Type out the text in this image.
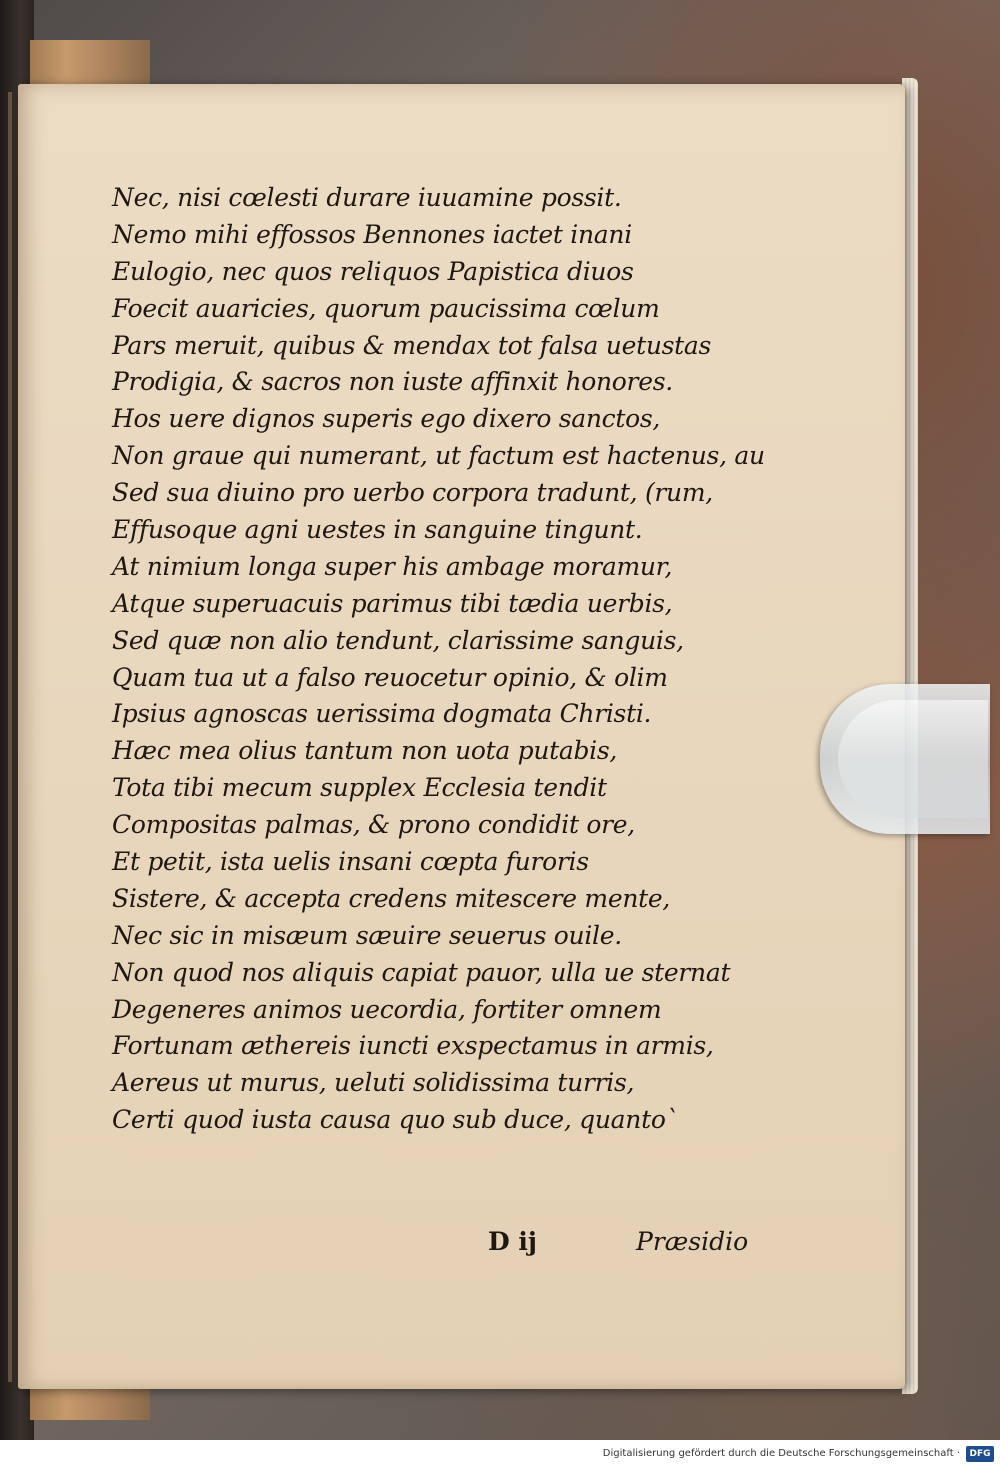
Nec, nisi cœlesti durare iuuamine possit.
Nemo mihi effossos Bennones iactet inani
Eulogio, nec quos reliquos Papistica diuos
Foecit auaricies, quorum paucissima cœlum
Pars meruit, quibus & mendax tot falsa uetustas
Prodigia, & sacros non iuste affinxit honores.
Hos uere dignos superis ego dixero sanctos,
Non graue qui numerant, ut factum est hactenus, au
Sed sua diuino pro uerbo corpora tradunt, (rum,
Effusoque agni uestes in sanguine tingunt.
At nimium longa super his ambage moramur,
Atque superuacuis parimus tibi tædia uerbis,
Sed quæ non alio tendunt, clarissime sanguis,
Quam tua ut a falso reuocetur opinio, & olim
Ipsius agnoscas uerissima dogmata Christi.
Hæc mea olius tantum non uota putabis,
Tota tibi mecum supplex Ecclesia tendit
Compositas palmas, & prono condidit ore,
Et petit, ista uelis insani cœpta furoris
Sistere, & accepta credens mitescere mente,
Nec sic in misæum sæuire seuerus ouile.
Non quod nos aliquis capiat pauor, ulla ue sternat
Degeneres animos uecordia, fortiter omnem
Fortunam æthereis iuncti exspectamus in armis,
Aereus ut murus, ueluti solidissima turris,
Certi quod iusta causa quo sub duce, quanto`
D ij	Præsidio
Digitalisierung gefördert durch die Deutsche Forschungsgemeinschaft ·	DFG
